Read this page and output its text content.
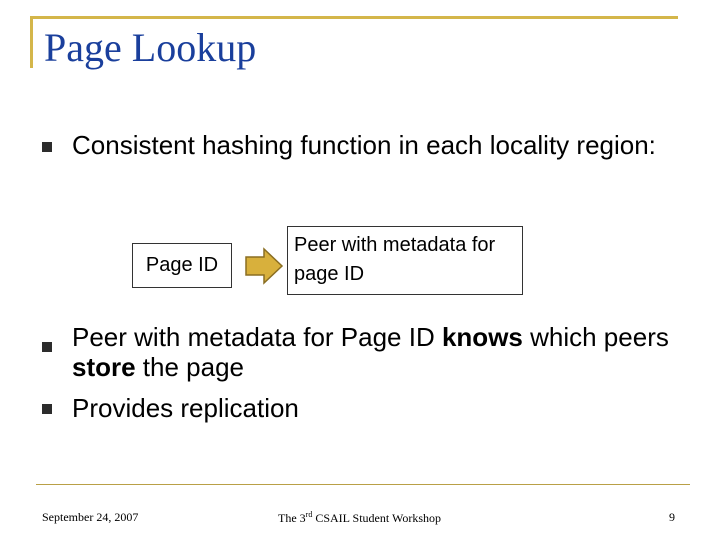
Page Lookup
Consistent hashing function in each locality region:
Page ID
Peer with metadata for page ID
Peer with metadata for Page ID knows which peers store the page
Provides replication
September 24, 2007	The 3rd CSAIL Student Workshop	9
